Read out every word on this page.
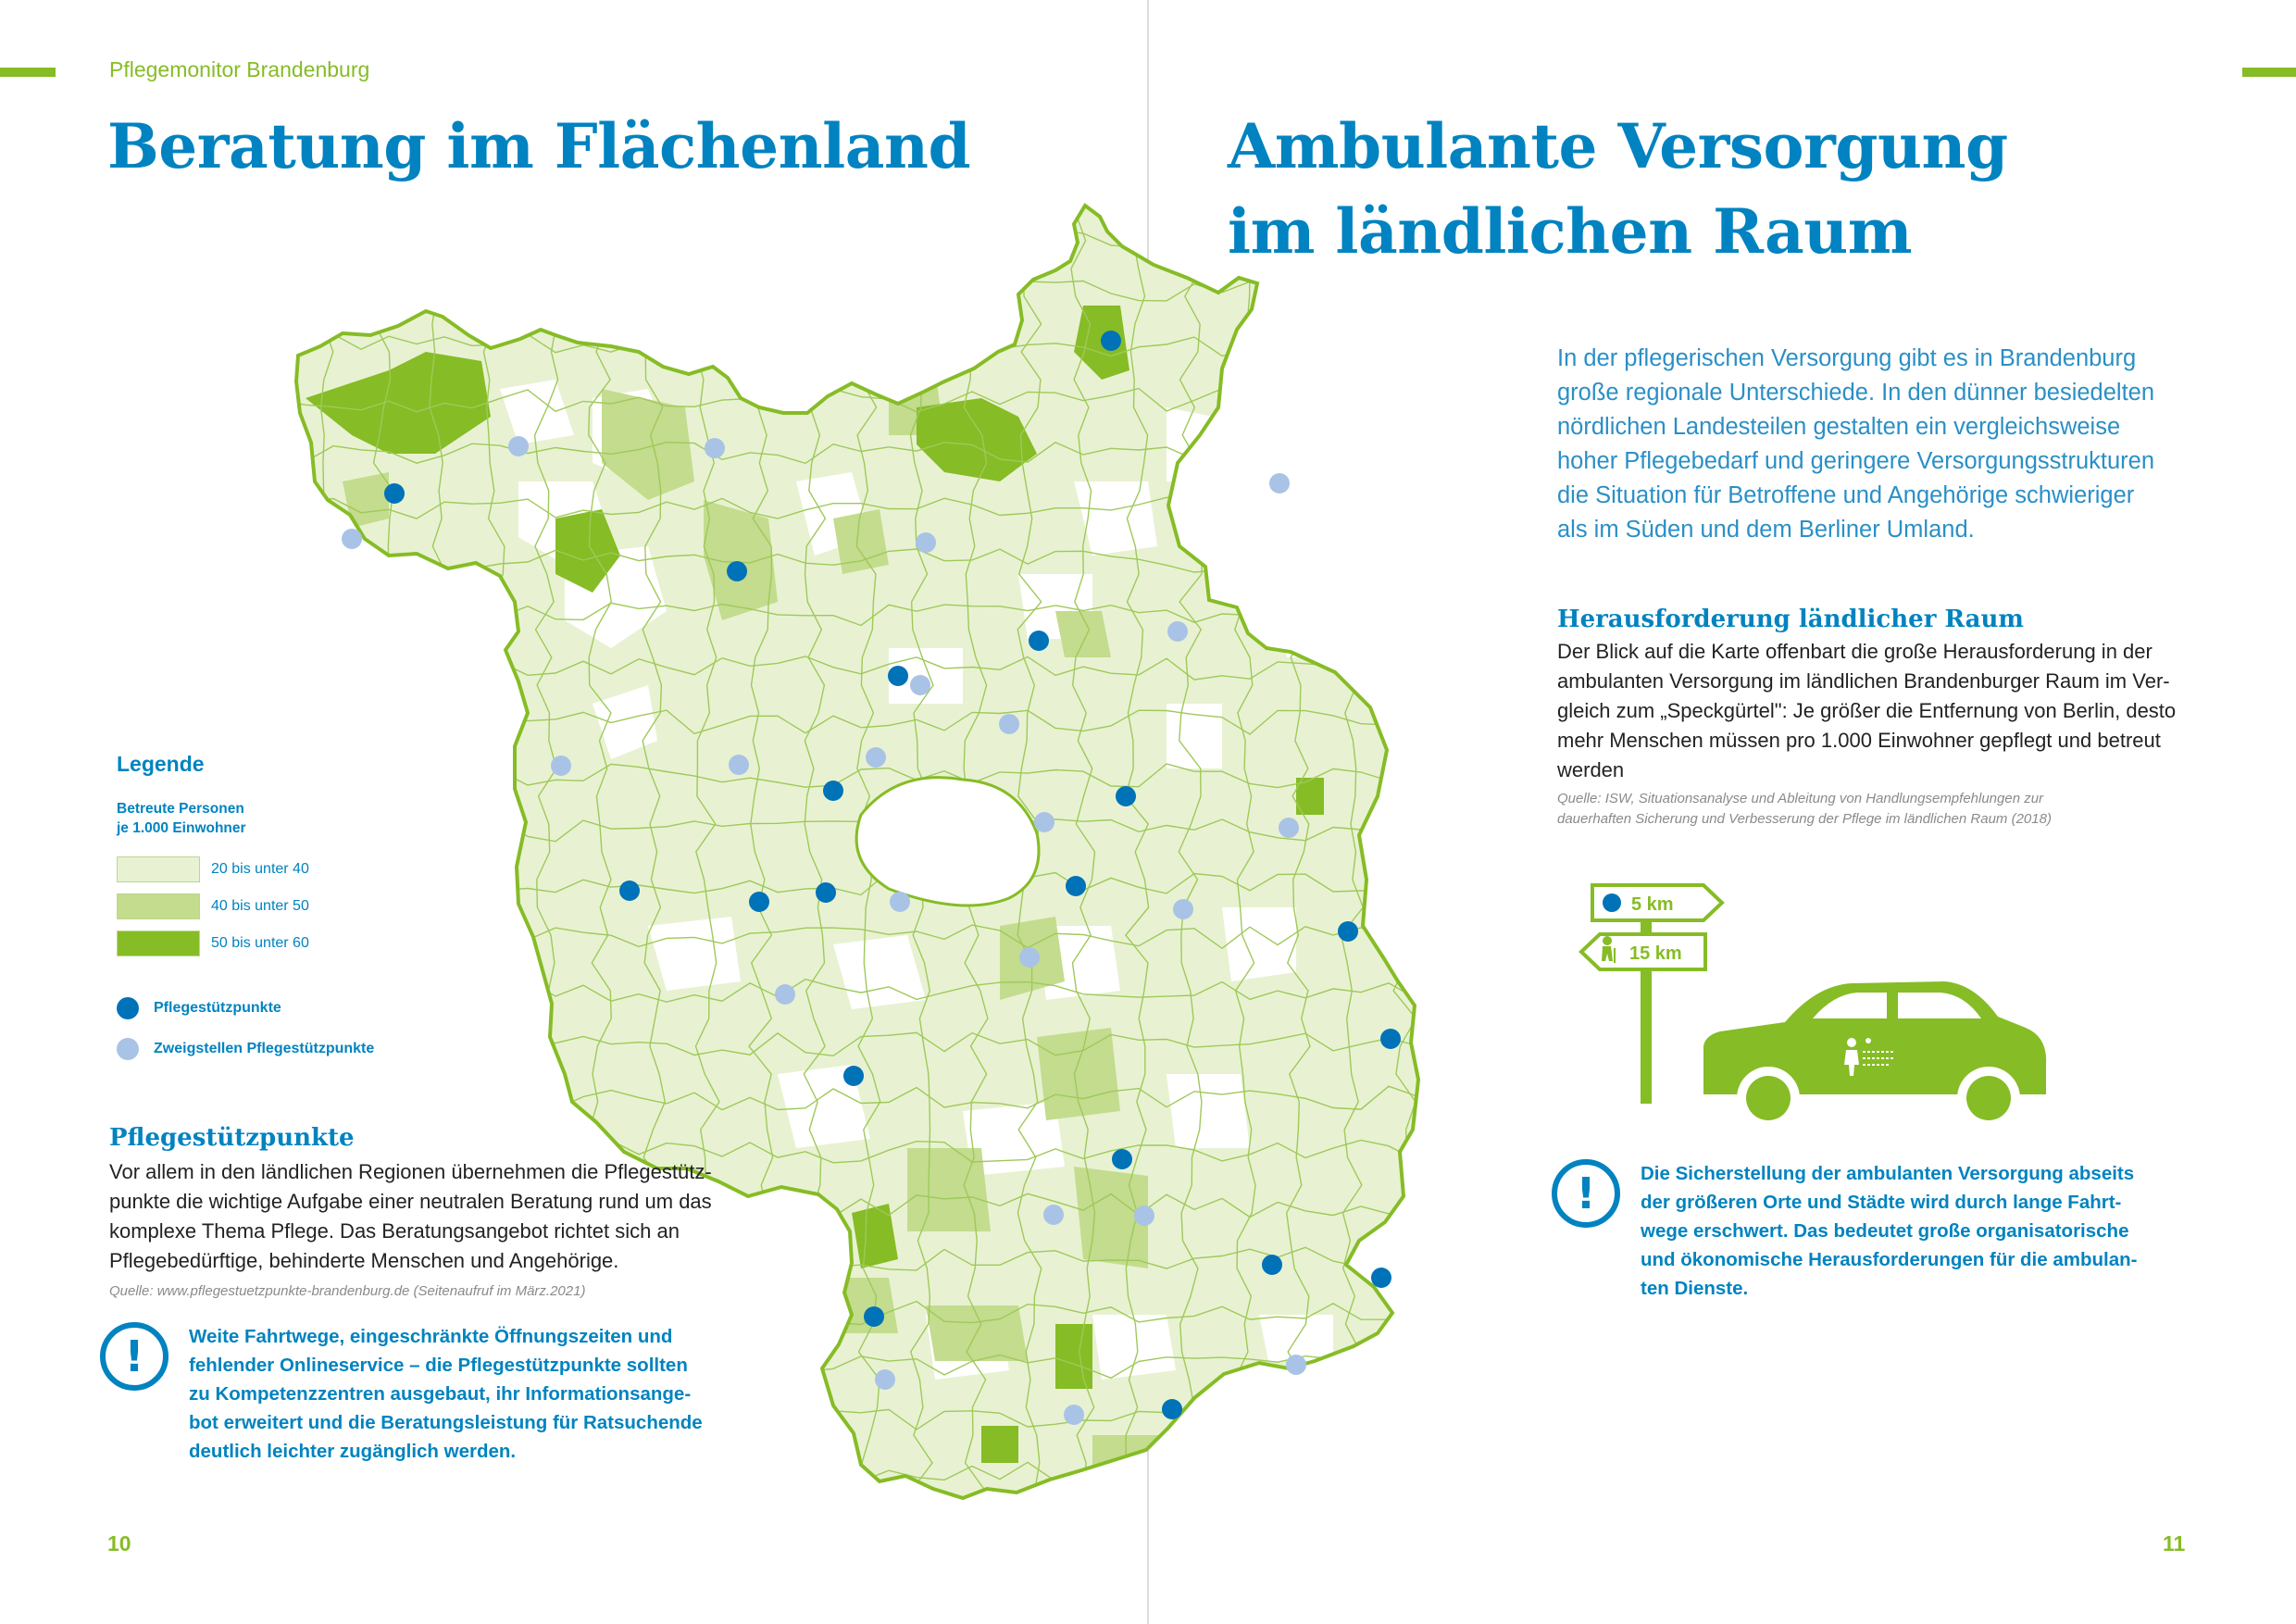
Pflegemonitor Brandenburg
Beratung im Flächenland	Ambulante Versorgung
im ländlichen Raum
Legende
Betreute Personen
je 1.000 Einwohner
20 bis unter 40
40 bis unter 50
50 bis unter 60
Pflegestützpunkte
Zweigstellen Pflegestützpunkte
Pflegestützpunkte
Vor allem in den ländlichen Regionen übernehmen die Pflegestütz-
punkte die wichtige Aufgabe einer neutralen Beratung rund um das
komplexe Thema Pflege. Das Beratungsangebot richtet sich an
Pflegebedürftige, behinderte Menschen und Angehörige.
Quelle: www.pflegestuetzpunkte-brandenburg.de (Seitenaufruf im März.2021)
!	Weite Fahrtwege, eingeschränkte Öffnungszeiten und
fehlender Onlineservice – die Pflegestützpunkte sollten
zu Kompetenzzentren ausgebaut, ihr Informationsange-
bot erweitert und die Beratungsleistung für Ratsuchende
deutlich leichter zugänglich werden.
10
In der pflegerischen Versorgung gibt es in Brandenburg
große regionale Unterschiede. In den dünner besiedelten
nördlichen Landesteilen gestalten ein vergleichsweise
hoher Pflegebedarf und geringere Versorgungsstrukturen
die Situation für Betroffene und Angehörige schwieriger
als im Süden und dem Berliner Umland.
Herausforderung ländlicher Raum
Der Blick auf die Karte offenbart die große Herausforderung in der
ambulanten Versorgung im ländlichen Brandenburger Raum im Ver-
gleich zum „Speckgürtel": Je größer die Entfernung von Berlin, desto
mehr Menschen müssen pro 1.000 Einwohner gepflegt und betreut
werden
Quelle: ISW, Situationsanalyse und Ableitung von Handlungsempfehlungen zur
dauerhaften Sicherung und Verbesserung der Pflege im ländlichen Raum (2018)
5 km
15 km
!	Die Sicherstellung der ambulanten Versorgung abseits
der größeren Orte und Städte wird durch lange Fahrt-
wege erschwert. Das bedeutet große organisatorische
und ökonomische Herausforderungen für die ambulan-
ten Dienste.
11
